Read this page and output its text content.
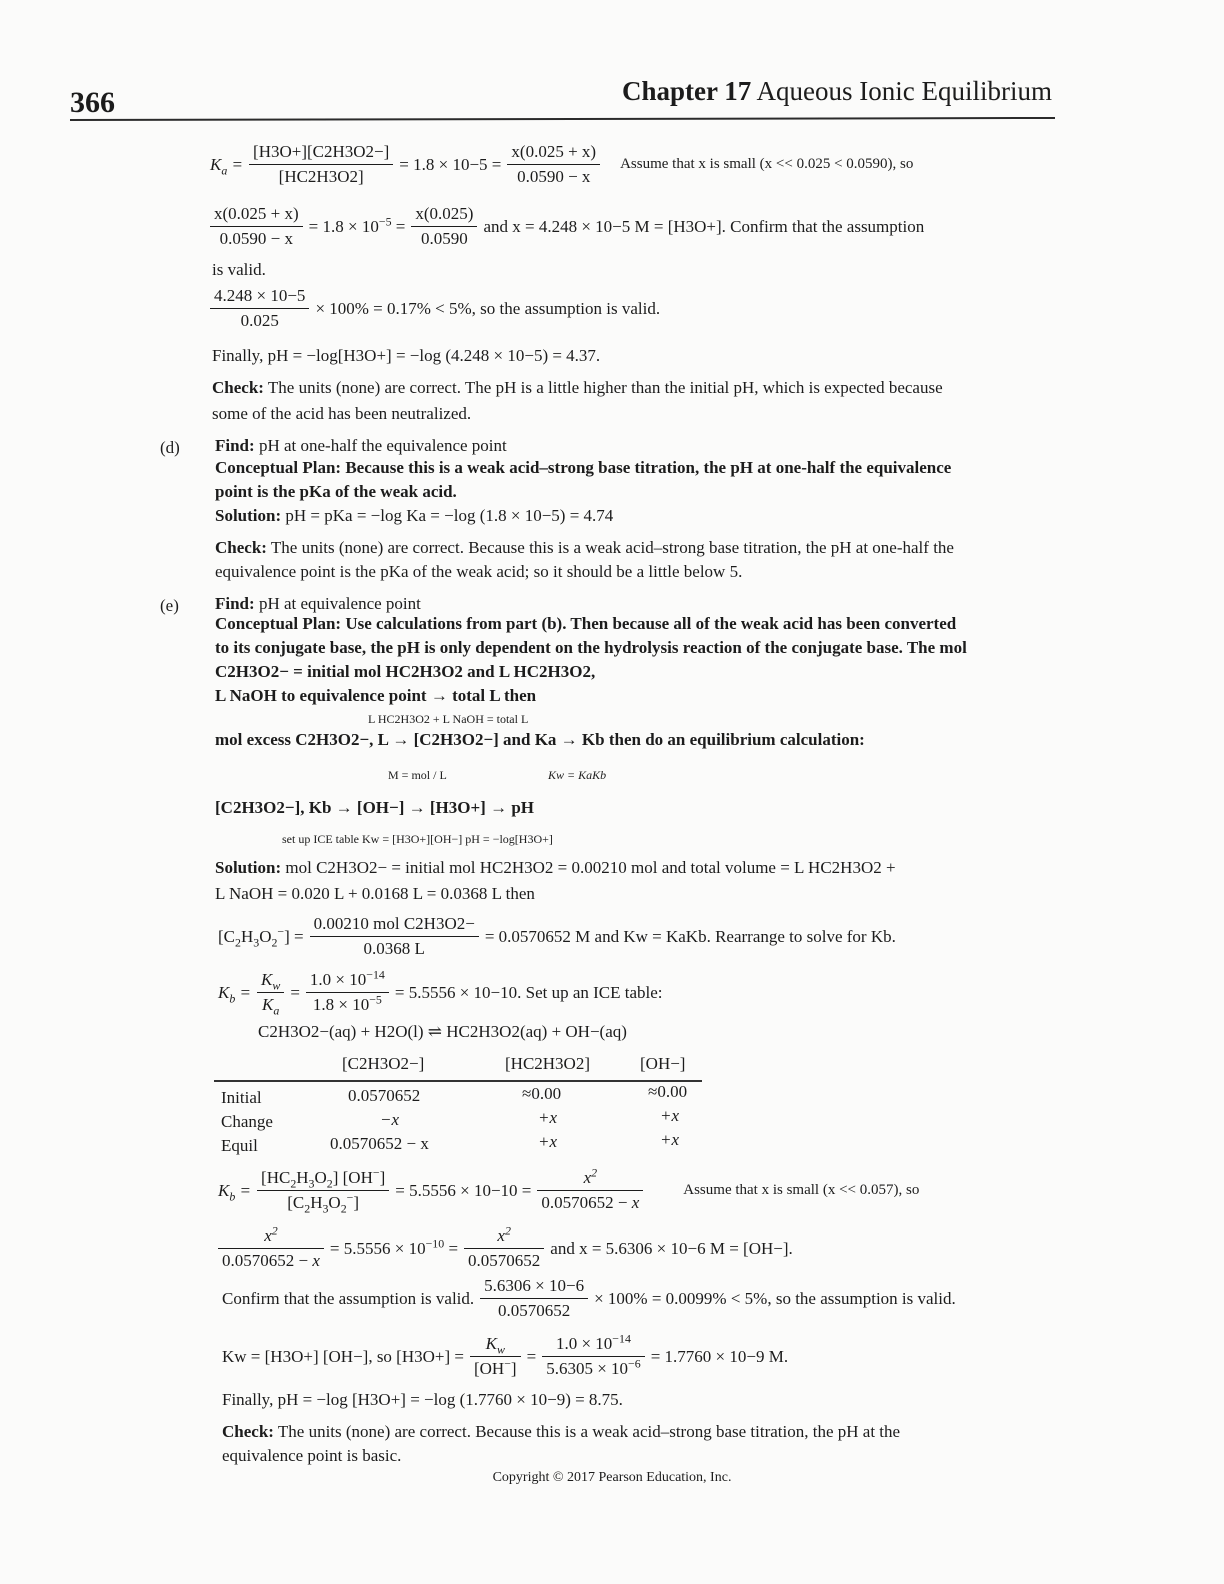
366	Chapter 17 Aqueous Ionic Equilibrium
$K_a = \frac{[H3O+][C2H3O2-]}{[HC2H3O2]} = 1.8 \times 10-5 = \frac{x(0.025 + x)}{0.0590 - x}$ Assume that x is small (x << 0.025 < 0.0590), so
$\frac{x(0.025 + x)}{0.0590 - x} = 1.8 \times 10^{-5} = \frac{x(0.025)}{0.0590}$ and x = 4.248 × 10−5 M = [H3O+]. Confirm that the assumption
is valid.
$\frac{4.248 \times 10-5}{0.025} \times 100\% = 0.17\% < 5\%$, so the assumption is valid.
Finally, pH = −log[H3O+] = −log (4.248 × 10−5) = 4.37.
Check: The units (none) are correct. The pH is a little higher than the initial pH, which is expected because
some of the acid has been neutralized.
(d) Find: pH at one-half the equivalence point
Conceptual Plan: Because this is a weak acid–strong base titration, the pH at one-half the equivalence
point is the pKa of the weak acid.
Solution: pH = pKa = −log Ka = −log (1.8 × 10−5) = 4.74
Check: The units (none) are correct. Because this is a weak acid–strong base titration, the pH at one-half the
equivalence point is the pKa of the weak acid; so it should be a little below 5.
(e) Find: pH at equivalence point
Conceptual Plan: Use calculations from part (b). Then because all of the weak acid has been converted
to its conjugate base, the pH is only dependent on the hydrolysis reaction of the conjugate base. The mol
C2H3O2− = initial mol HC2H3O2 and L HC2H3O2,
L NaOH to equivalence point → total L then
L HC2H3O2 + L NaOH = total L
mol excess C2H3O2−, L → [C2H3O2−] and Ka → Kb then do an equilibrium calculation:
M = mol / L	Kw = KaKb
[C2H3O2−], Kb → [OH−] → [H3O+] → pH
set up ICE table Kw = [H3O+][OH−] pH = −log[H3O+]
Solution: mol C2H3O2− = initial mol HC2H3O2 = 0.00210 mol and total volume = L HC2H3O2 +
L NaOH = 0.020 L + 0.0168 L = 0.0368 L then
$[C_2H_3O_2^-] = \frac{\text{0.00210 mol C2H3O2−}}{0.0368 L} = 0.0570652$ M and Kw = KaKb. Rearrange to solve for Kb.
$K_b = \frac{K_w}{K_a} = \frac{1.0 \times 10^{-14}}{1.8 \times 10^{-5}} = 5.5556 \times 10-10$. Set up an ICE table:
C2H3O2−(aq) + H2O(l) ⇌ HC2H3O2(aq) + OH−(aq)
[C2H3O2−]	[HC2H3O2]	[OH−]
Initial	0.0570652	≈0.00	≈0.00
Change	−x	+x	+x
Equil	0.0570652 − x	+x	+x
$K_b = \frac{[HC_2H_3O_2] [OH^-]}{[C_2H_3O_2^-]} = 5.5556 \times 10-10 = \frac{x^2}{0.0570652 - x}$	Assume that x is small (x << 0.057), so
$\frac{x^2}{0.0570652 - x} = 5.5556 \times 10^{-10} = \frac{x^2}{0.0570652}$ and x = 5.6306 × 10−6 M = [OH−].
Confirm that the assumption is valid. $\frac{5.6306 \times 10-6}{0.0570652} \times 100\% = 0.0099\% < 5\%$, so the assumption is valid.
Kw = [H3O+] [OH−], so $[H3O+] = \frac{K_w}{[OH^-]} = \frac{1.0 \times 10^{-14}}{5.6305 \times 10^{-6}} = 1.7760 \times 10-9$ M.
Finally, pH = −log [H3O+] = −log (1.7760 × 10−9) = 8.75.
Check: The units (none) are correct. Because this is a weak acid–strong base titration, the pH at the
equivalence point is basic.
Copyright © 2017 Pearson Education, Inc.
